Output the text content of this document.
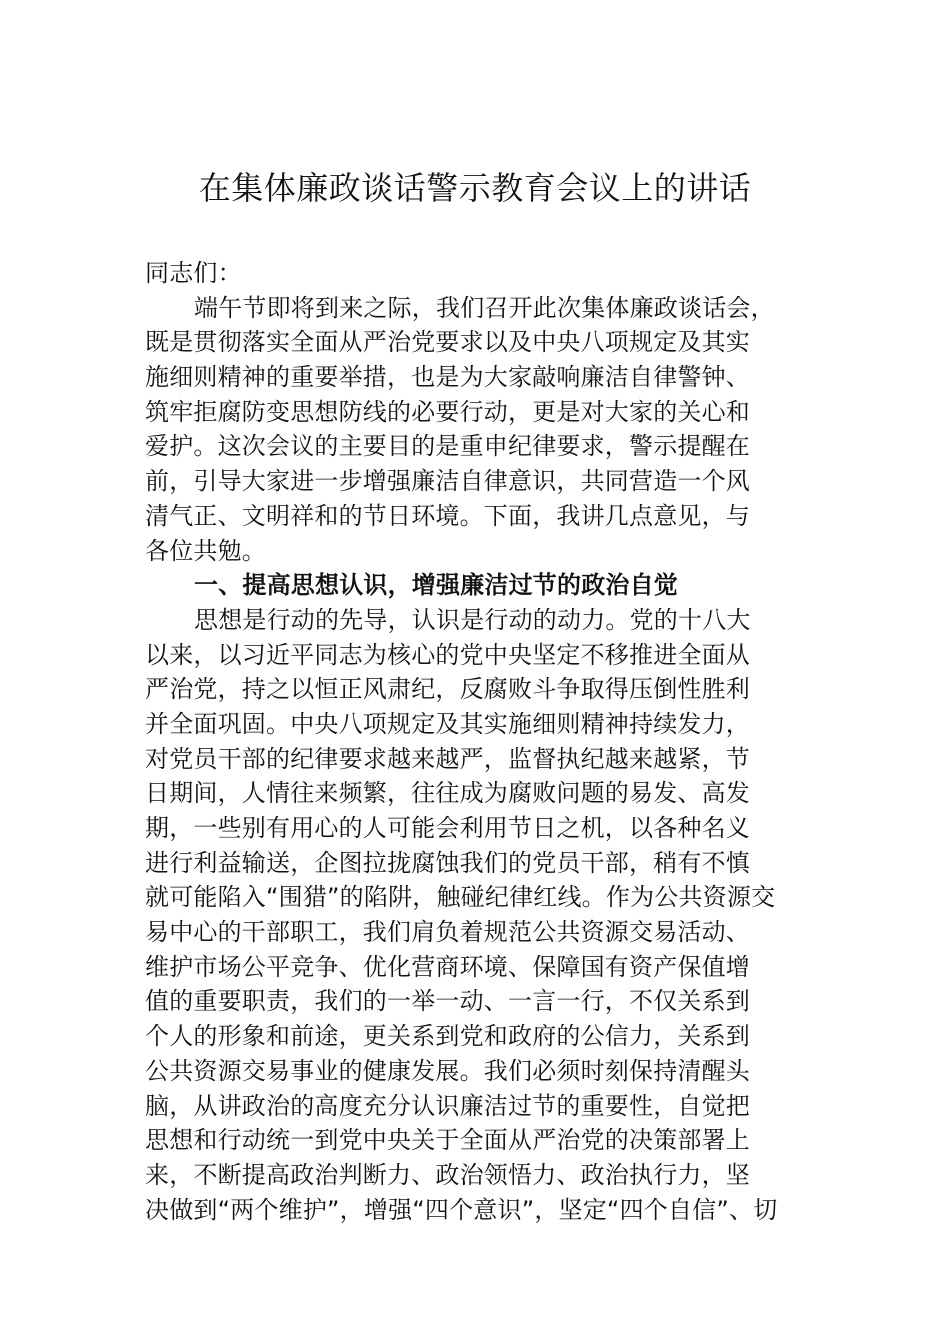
在集体廉政谈话警示教育会议上的讲话
同志们：
端午节即将到来之际，我们召开此次集体廉政谈话会，
既是贯彻落实全面从严治党要求以及中央八项规定及其实
施细则精神的重要举措，也是为大家敲响廉洁自律警钟、
筑牢拒腐防变思想防线的必要行动，更是对大家的关心和
爱护。这次会议的主要目的是重申纪律要求，警示提醒在
前，引导大家进一步增强廉洁自律意识，共同营造一个风
清气正、文明祥和的节日环境。下面，我讲几点意见，与
各位共勉。
一、提高思想认识，增强廉洁过节的政治自觉
思想是行动的先导，认识是行动的动力。党的十八大
以来，以习近平同志为核心的党中央坚定不移推进全面从
严治党，持之以恒正风肃纪，反腐败斗争取得压倒性胜利
并全面巩固。中央八项规定及其实施细则精神持续发力，
对党员干部的纪律要求越来越严，监督执纪越来越紧，节
日期间，人情往来频繁，往往成为腐败问题的易发、高发
期，一些别有用心的人可能会利用节日之机，以各种名义
进行利益输送，企图拉拢腐蚀我们的党员干部，稍有不慎
就可能陷入“围猎”的陷阱，触碰纪律红线。作为公共资源交
易中心的干部职工，我们肩负着规范公共资源交易活动、
维护市场公平竞争、优化营商环境、保障国有资产保值增
值的重要职责，我们的一举一动、一言一行，不仅关系到
个人的形象和前途，更关系到党和政府的公信力，关系到
公共资源交易事业的健康发展。我们必须时刻保持清醒头
脑，从讲政治的高度充分认识廉洁过节的重要性，自觉把
思想和行动统一到党中央关于全面从严治党的决策部署上
来，不断提高政治判断力、政治领悟力、政治执行力，坚
决做到“两个维护”，增强“四个意识”，坚定“四个自信”、切
